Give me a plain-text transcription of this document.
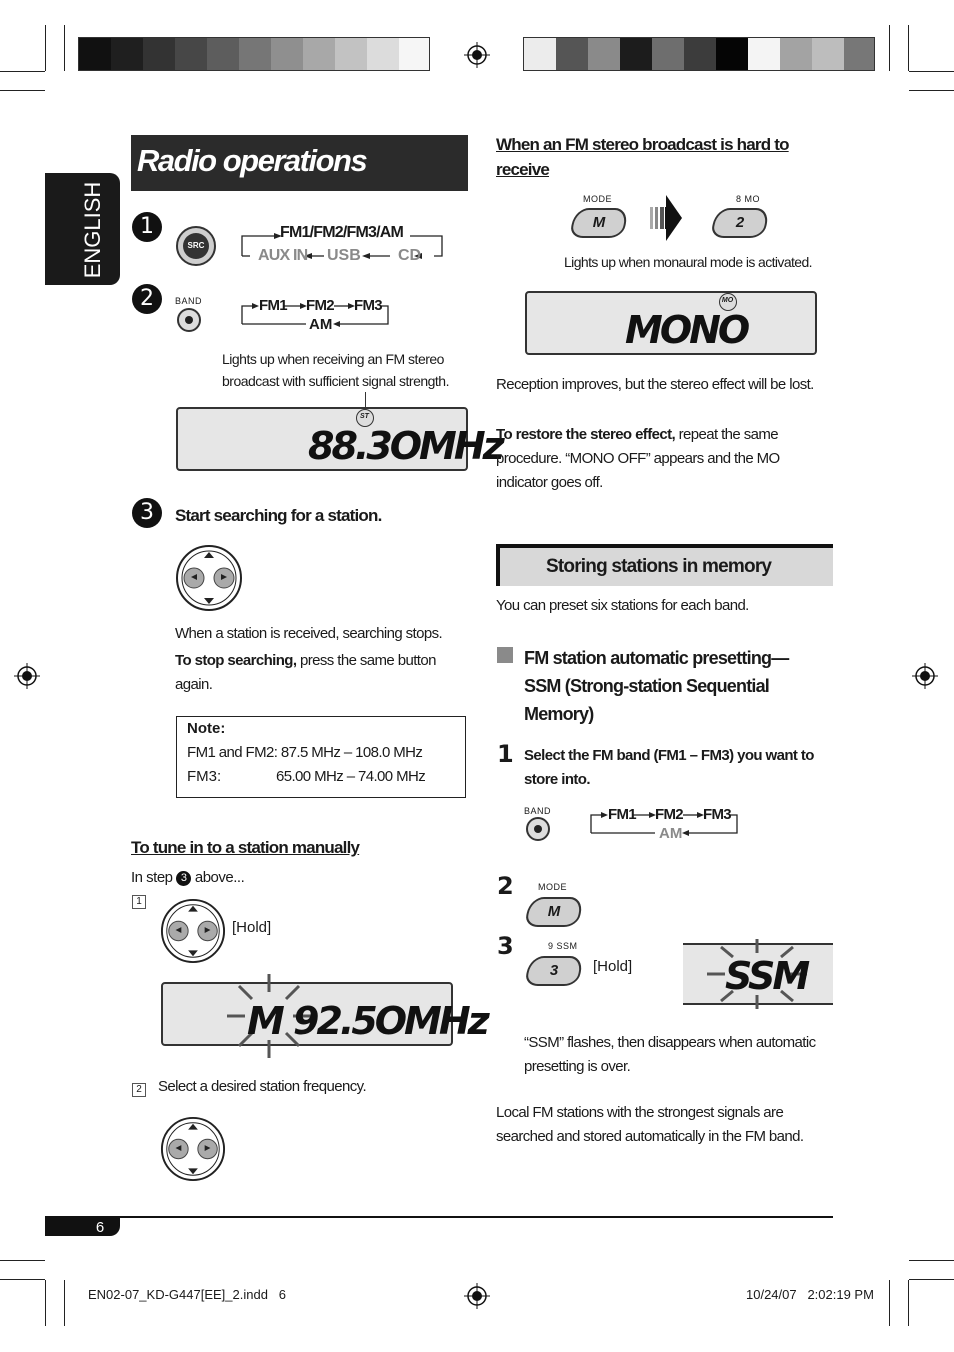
ENGLISH
Radio operations
1
SRC
FM1/FM2/FM3/AM
AUX IN USB CD
2	BAND	FM1 FM2 FM3
AM
Lights up when receiving an FM stereo broadcast with sufficient signal strength.
ST
88.3OMHz
3	Start searching for a station.
When a station is received, searching stops.
To stop searching, press the same button again.
Note:
FM1 and FM2: 87.5 MHz – 108.0 MHz
FM3:	65.00 MHz – 74.00 MHz
To tune in to a station manually
In step 3 above...
1
[Hold]
M 92.5OMHz
2 Select a desired station frequency.
When an FM stereo broadcast is hard to receive
MODE
M
8 MO
2
Lights up when monaural mode is activated.
MO
MONO
Reception improves, but the stereo effect will be lost.
To restore the stereo effect, repeat the same procedure. “MONO OFF” appears and the MO indicator goes off.
Storing stations in memory
You can preset six stations for each band.
FM station automatic presetting— SSM (Strong-station Sequential Memory)
1 Select the FM band (FM1 – FM3) you want to store into.
BAND	FM1 FM2 FM3
AM
2	MODE
M
3	9 SSM
3	[Hold] SSM
“SSM” flashes, then disappears when automatic presetting is over.
Local FM stations with the strongest signals are searched and stored automatically in the FM band.
6
EN02-07_KD-G447[EE]_2.indd   6	10/24/07   2:02:19 PM
